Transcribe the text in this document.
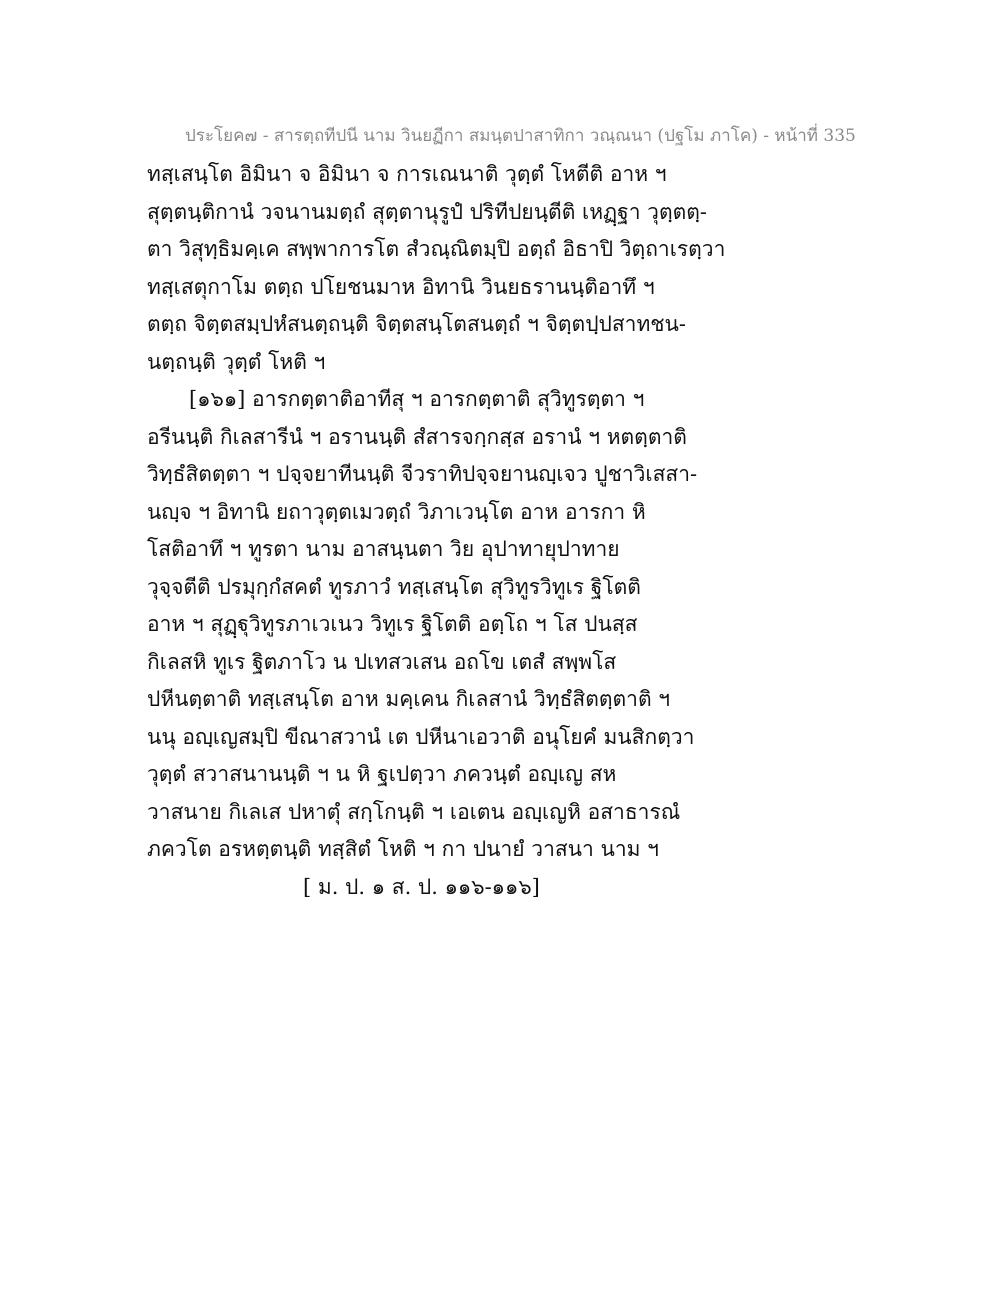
ประโยค๗ - สารตฺถทีปนี นาม วินยฏีกา สมนฺตปาสาทิกา วณฺณนา (ปฐโม ภาโค) - หน้าที่ 335
ทสฺเสนฺโต อิมินา จ อิมินา จ การเณนาติ วุตฺตํ โหตีติ อาห ฯ
สุตฺตนฺติกานํ วจนานมตฺถํ สุตฺตานุรูปํ ปริทีปยนฺตีติ เหฏฺฐา วุตฺตตฺ-
ตา วิสุทฺธิมคฺเค สพฺพาการโต สํวณฺณิตมฺปิ อตฺถํ อิธาปิ วิตฺถาเรตฺวา
ทสฺเสตุกาโม ตตฺถ ปโยชนมาห อิทานิ วินยธรานนฺติอาทึ ฯ
ตตฺถ จิตฺตสมฺปหํสนตฺถนฺติ จิตฺตสนฺโตสนตฺถํ ฯ จิตฺตปฺปสาทชน-
นตฺถนฺติ วุตฺตํ โหติ ฯ
[๑๖๑] อารกตฺตาติอาทีสุ ฯ อารกตฺตาติ สุวิทูรตฺตา ฯ
อรีนนฺติ กิเลสารีนํ ฯ อรานนฺติ สํสารจกฺกสฺส อรานํ ฯ หตตฺตาติ
วิทฺธํสิตตฺตา ฯ ปจฺจยาทีนนฺติ จีวราทิปจฺจยานญฺเจว ปูชาวิเสสา-
นญฺจ ฯ อิทานิ ยถาวุตฺตเมวตฺถํ วิภาเวนฺโต อาห อารกา หิ
โสติอาทึ ฯ ทูรตา นาม อาสนฺนตา วิย อุปาทายุปาทาย
วุจฺจตีติ ปรมุกฺกํสคตํ ทูรภาวํ ทสฺเสนฺโต สุวิทูรวิทูเร ฐิโตติ
อาห ฯ สุฏฺฐุวิทูรภาเวเนว วิทูเร ฐิโตติ อตฺโถ ฯ โส ปนสฺส
กิเลสหิ ทูเร ฐิตภาโว น ปเทสวเสน อถโข เตสํ สพฺพโส
ปหีนตฺตาติ ทสฺเสนฺโต อาห มคฺเคน กิเลสานํ วิทฺธํสิตตฺตาติ ฯ
นนุ อญฺเญสมฺปิ ขีณาสวานํ เต ปหีนาเอวาติ อนุโยคํ มนสิกตฺวา
วุตฺตํ สวาสนานนฺติ ฯ น หิ ฐเปตฺวา ภควนฺตํ อญฺเญ สห
วาสนาย กิเลเส ปหาตุํ สกฺโกนฺติ ฯ เอเตน อญฺเญหิ อสาธารณํ
ภควโต อรหตฺตนฺติ ทสฺสิตํ โหติ ฯ กา ปนายํ วาสนา นาม ฯ
[ ม. ป. ๑ ส. ป. ๑๑๖-๑๑๖]
